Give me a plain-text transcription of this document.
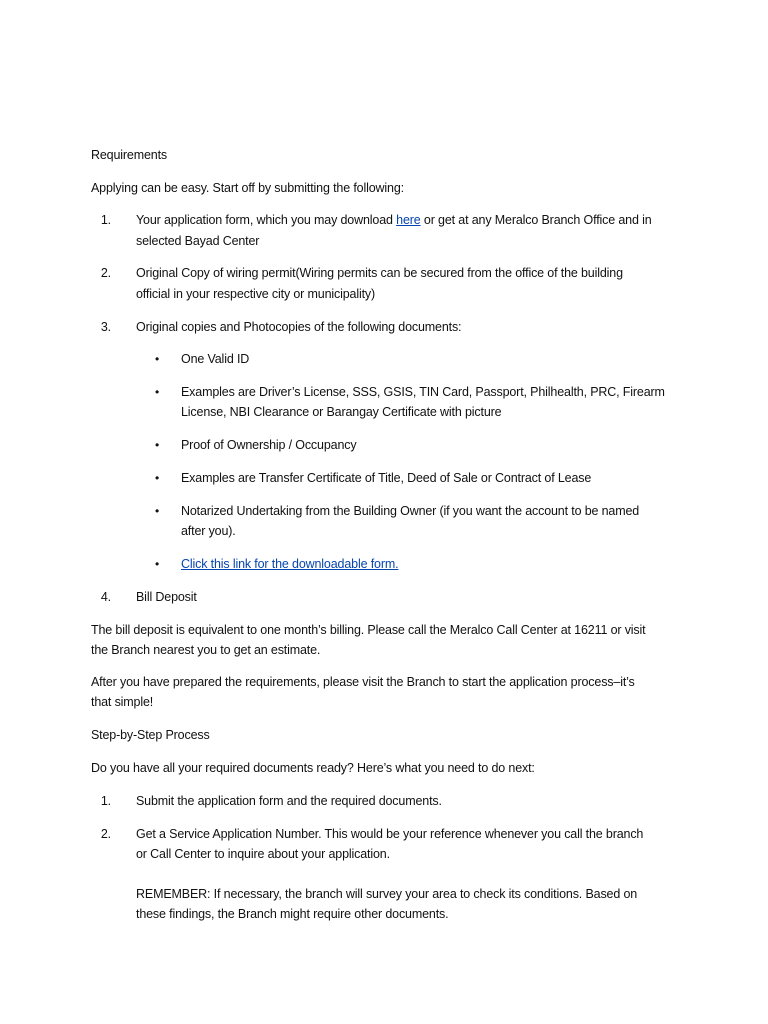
Requirements
Applying can be easy. Start off by submitting the following:
1. Your application form, which you may download here or get at any Meralco Branch Office and in
selected Bayad Center
2. Original Copy of wiring permit(Wiring permits can be secured from the office of the building
official in your respective city or municipality)
3. Original copies and Photocopies of the following documents:
• One Valid ID
• Examples are Driver’s License, SSS, GSIS, TIN Card, Passport, Philhealth, PRC, Firearm
License, NBI Clearance or Barangay Certificate with picture
• Proof of Ownership / Occupancy
• Examples are Transfer Certificate of Title, Deed of Sale or Contract of Lease
• Notarized Undertaking from the Building Owner (if you want the account to be named
after you).
• Click this link for the downloadable form.
4. Bill Deposit
The bill deposit is equivalent to one month’s billing. Please call the Meralco Call Center at 16211 or visit
the Branch nearest you to get an estimate.
After you have prepared the requirements, please visit the Branch to start the application process–it’s
that simple!
Step-by-Step Process
Do you have all your required documents ready? Here’s what you need to do next:
1. Submit the application form and the required documents.
2. Get a Service Application Number. This would be your reference whenever you call the branch
or Call Center to inquire about your application.
REMEMBER: If necessary, the branch will survey your area to check its conditions. Based on
these findings, the Branch might require other documents.
